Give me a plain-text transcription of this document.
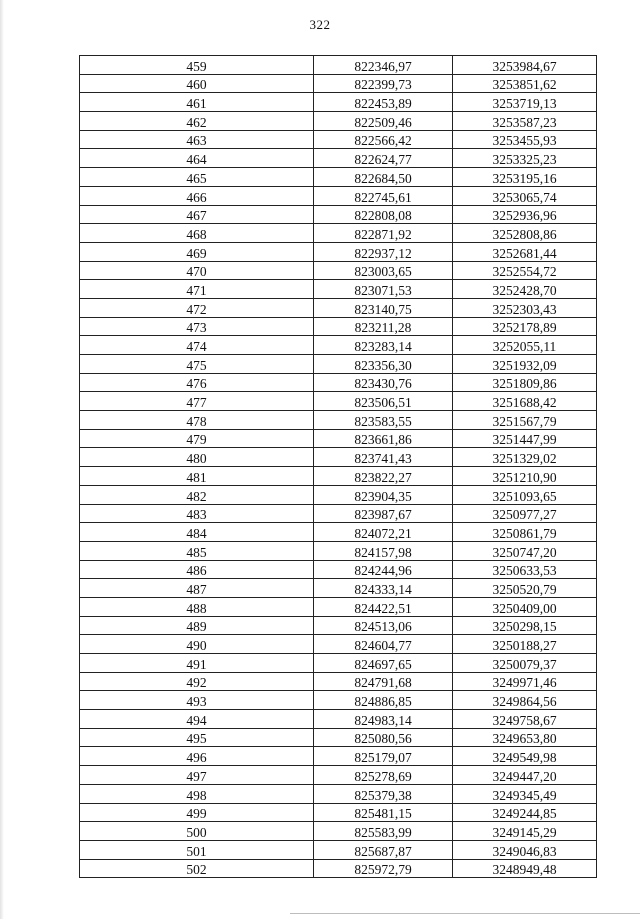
322
459	822346,97	3253984,67
460	822399,73	3253851,62
461	822453,89	3253719,13
462	822509,46	3253587,23
463	822566,42	3253455,93
464	822624,77	3253325,23
465	822684,50	3253195,16
466	822745,61	3253065,74
467	822808,08	3252936,96
468	822871,92	3252808,86
469	822937,12	3252681,44
470	823003,65	3252554,72
471	823071,53	3252428,70
472	823140,75	3252303,43
473	823211,28	3252178,89
474	823283,14	3252055,11
475	823356,30	3251932,09
476	823430,76	3251809,86
477	823506,51	3251688,42
478	823583,55	3251567,79
479	823661,86	3251447,99
480	823741,43	3251329,02
481	823822,27	3251210,90
482	823904,35	3251093,65
483	823987,67	3250977,27
484	824072,21	3250861,79
485	824157,98	3250747,20
486	824244,96	3250633,53
487	824333,14	3250520,79
488	824422,51	3250409,00
489	824513,06	3250298,15
490	824604,77	3250188,27
491	824697,65	3250079,37
492	824791,68	3249971,46
493	824886,85	3249864,56
494	824983,14	3249758,67
495	825080,56	3249653,80
496	825179,07	3249549,98
497	825278,69	3249447,20
498	825379,38	3249345,49
499	825481,15	3249244,85
500	825583,99	3249145,29
501	825687,87	3249046,83
502	825972,79	3248949,48
